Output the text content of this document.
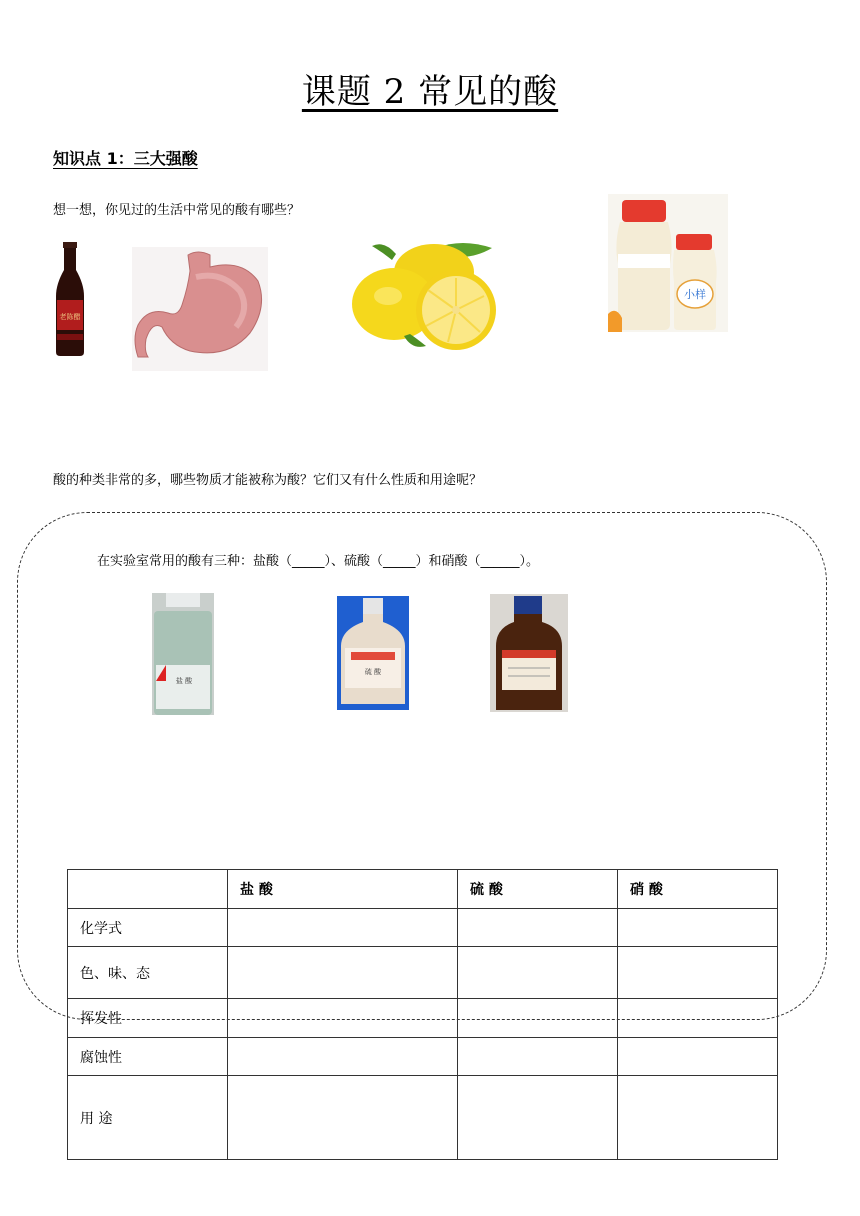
课题 2 常见的酸
知识点 1：三大强酸
想一想，你见过的生活中常见的酸有哪些？
老陈醋
小样
酸的种类非常的多，哪些物质才能被称为酸？它们又有什么性质和用途呢？
在实验室常用的酸有三种：盐酸（_____）、硫酸（_____）和硝酸（______）。
盐 酸
硫 酸
	盐 酸	硫 酸	硝 酸
化学式			
色、味、态			
挥发性			
腐蚀性			
用 途			
